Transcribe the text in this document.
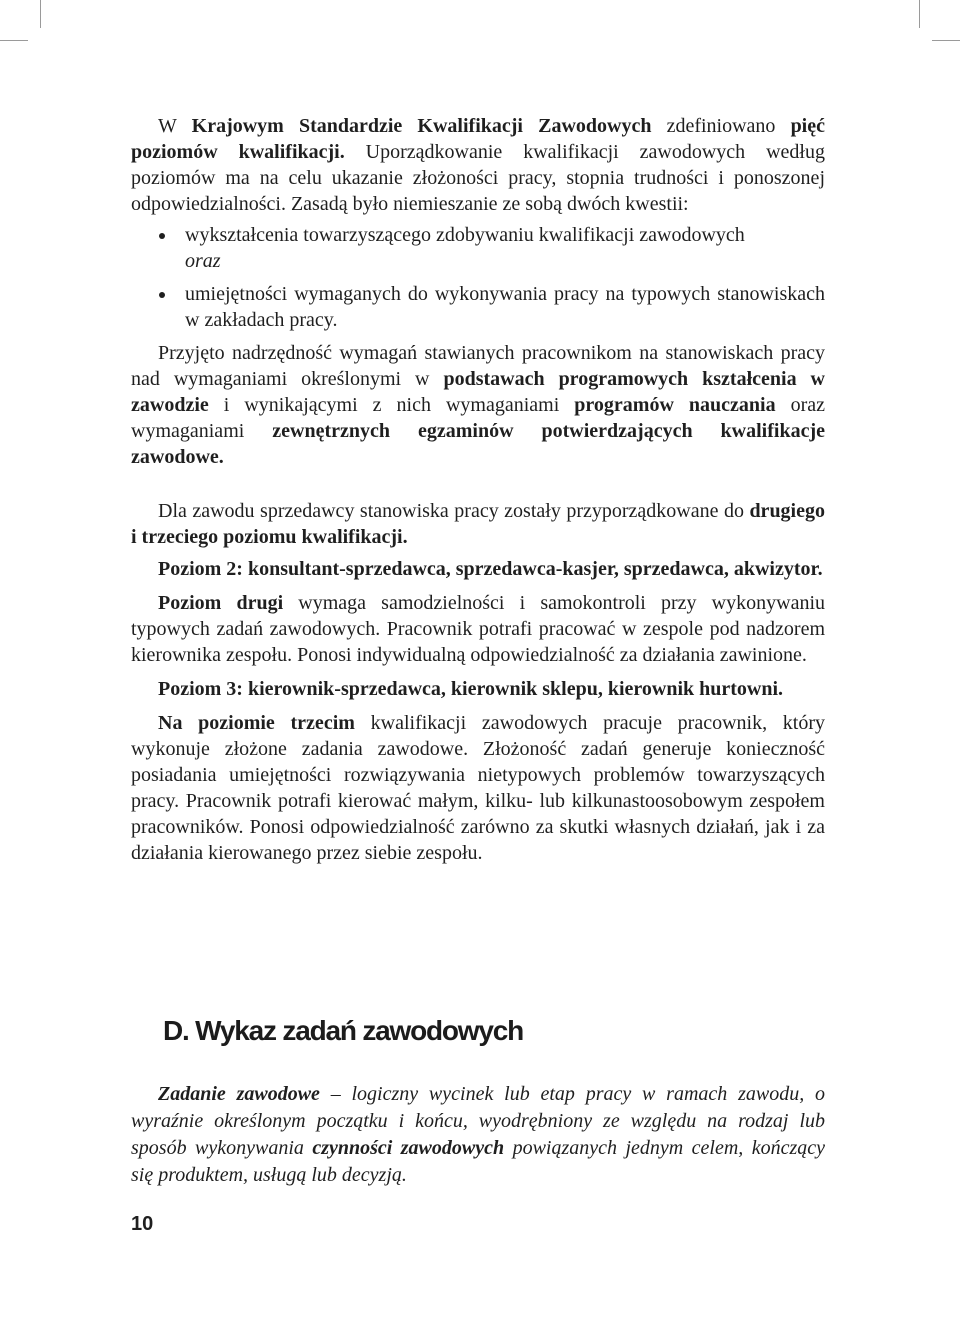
W Krajowym Standardzie Kwalifikacji Zawodowych zdefiniowano pięć poziomów kwalifikacji. Uporządkowanie kwalifikacji zawodowych według poziomów ma na celu ukazanie złożoności pracy, stopnia trudności i ponoszonej odpowiedzialności. Zasadą było niemieszanie ze sobą dwóch kwestii:

wykształcenia towarzyszącego zdobywaniu kwalifikacji zawodowych
oraz
umiejętności wymaganych do wykonywania pracy na typowych stanowiskach w zakładach pracy.

Przyjęto nadrzędność wymagań stawianych pracownikom na stanowiskach pracy nad wymaganiami określonymi w podstawach programowych kształcenia w zawodzie i wynikającymi z nich wymaganiami programów nauczania oraz wymaganiami zewnętrznych egzaminów potwierdzających kwalifikacje zawodowe.

Dla zawodu sprzedawcy stanowiska pracy zostały przyporządkowane do drugiego i trzeciego poziomu kwalifikacji.

Poziom 2: konsultant-sprzedawca, sprzedawca-kasjer, sprzedawca, akwizytor.

Poziom drugi wymaga samodzielności i samokontroli przy wykonywaniu typowych zadań zawodowych. Pracownik potrafi pracować w zespole pod nadzorem kierownika zespołu. Ponosi indywidualną odpowiedzialność za działania zawinione.

Poziom 3: kierownik-sprzedawca, kierownik sklepu, kierownik hurtowni.

Na poziomie trzecim kwalifikacji zawodowych pracuje pracownik, który wykonuje złożone zadania zawodowe. Złożoność zadań generuje konieczność posiadania umiejętności rozwiązywania nietypowych problemów towarzyszących pracy. Pracownik potrafi kierować małym, kilku- lub kilkunastoosobowym zespołem pracowników. Ponosi odpowiedzialność zarówno za skutki własnych działań, jak i za działania kierowanego przez siebie zespołu.

D. Wykaz zadań zawodowych

Zadanie zawodowe – logiczny wycinek lub etap pracy w ramach zawodu, o wyraźnie określonym początku i końcu, wyodrębniony ze względu na rodzaj lub sposób wykonywania czynności zawodowych powiązanych jednym celem, kończący się produktem, usługą lub decyzją.

10
